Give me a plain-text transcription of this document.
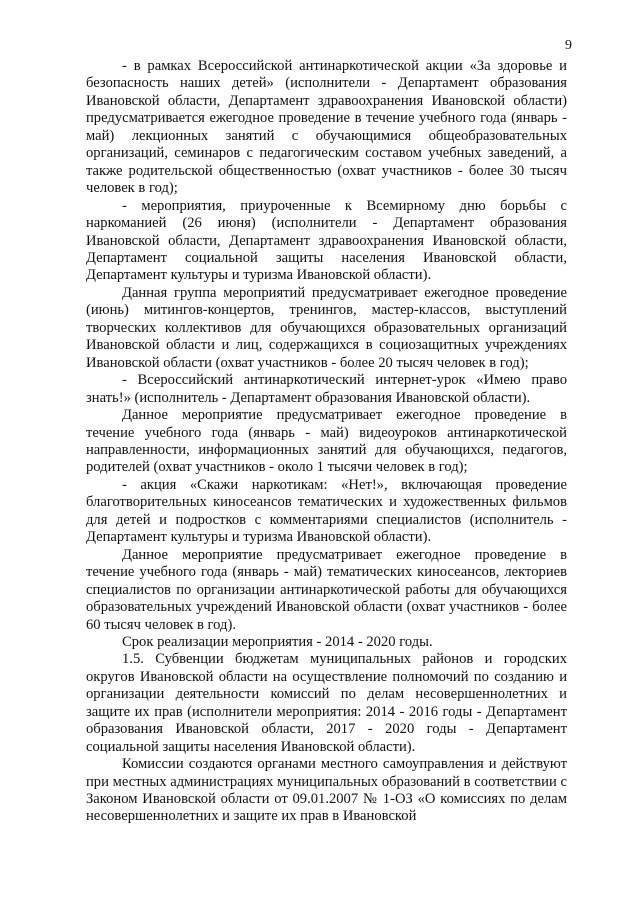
9

- в рамках Всероссийской антинаркотической акции «За здоровье и безопасность наших детей» (исполнители - Департамент образования Ивановской области, Департамент здравоохранения Ивановской области) предусматривается ежегодное проведение в течение учебного года (январь - май) лекционных занятий с обучающимися общеобразовательных организаций, семинаров с педагогическим составом учебных заведений, а также родительской общественностью (охват участников - более 30 тысяч человек в год);

- мероприятия, приуроченные к Всемирному дню борьбы с наркоманией (26 июня) (исполнители - Департамент образования Ивановской области, Департамент здравоохранения Ивановской области, Департамент социальной защиты населения Ивановской области, Департамент культуры и туризма Ивановской области).

Данная группа мероприятий предусматривает ежегодное проведение (июнь) митингов-концертов, тренингов, мастер-классов, выступлений творческих коллективов для обучающихся образовательных организаций Ивановской области и лиц, содержащихся в социозащитных учреждениях Ивановской области (охват участников - более 20 тысяч человек в год);

- Всероссийский антинаркотический интернет-урок «Имею право знать!» (исполнитель - Департамент образования Ивановской области).

Данное мероприятие предусматривает ежегодное проведение в течение учебного года (январь - май) видеоуроков антинаркотической направленности, информационных занятий для обучающихся, педагогов, родителей (охват участников - около 1 тысячи человек в год);

- акция «Скажи наркотикам: «Нет!», включающая проведение благотворительных киносеансов тематических и художественных фильмов для детей и подростков с комментариями специалистов (исполнитель - Департамент культуры и туризма Ивановской области).

Данное мероприятие предусматривает ежегодное проведение в течение учебного года (январь - май) тематических киносеансов, лекториев специалистов по организации антинаркотической работы для обучающихся образовательных учреждений Ивановской области (охват участников - более 60 тысяч человек в год).

Срок реализации мероприятия - 2014 - 2020 годы.

1.5. Субвенции бюджетам муниципальных районов и городских округов Ивановской области на осуществление полномочий по созданию и организации деятельности комиссий по делам несовершеннолетних и защите их прав (исполнители мероприятия: 2014 - 2016 годы - Департамент образования Ивановской области, 2017 - 2020 годы - Департамент социальной защиты населения Ивановской области).

Комиссии создаются органами местного самоуправления и действуют при местных администрациях муниципальных образований в соответствии с Законом Ивановской области от 09.01.2007 № 1-ОЗ «О комиссиях по делам несовершеннолетних и защите их прав в Ивановской
